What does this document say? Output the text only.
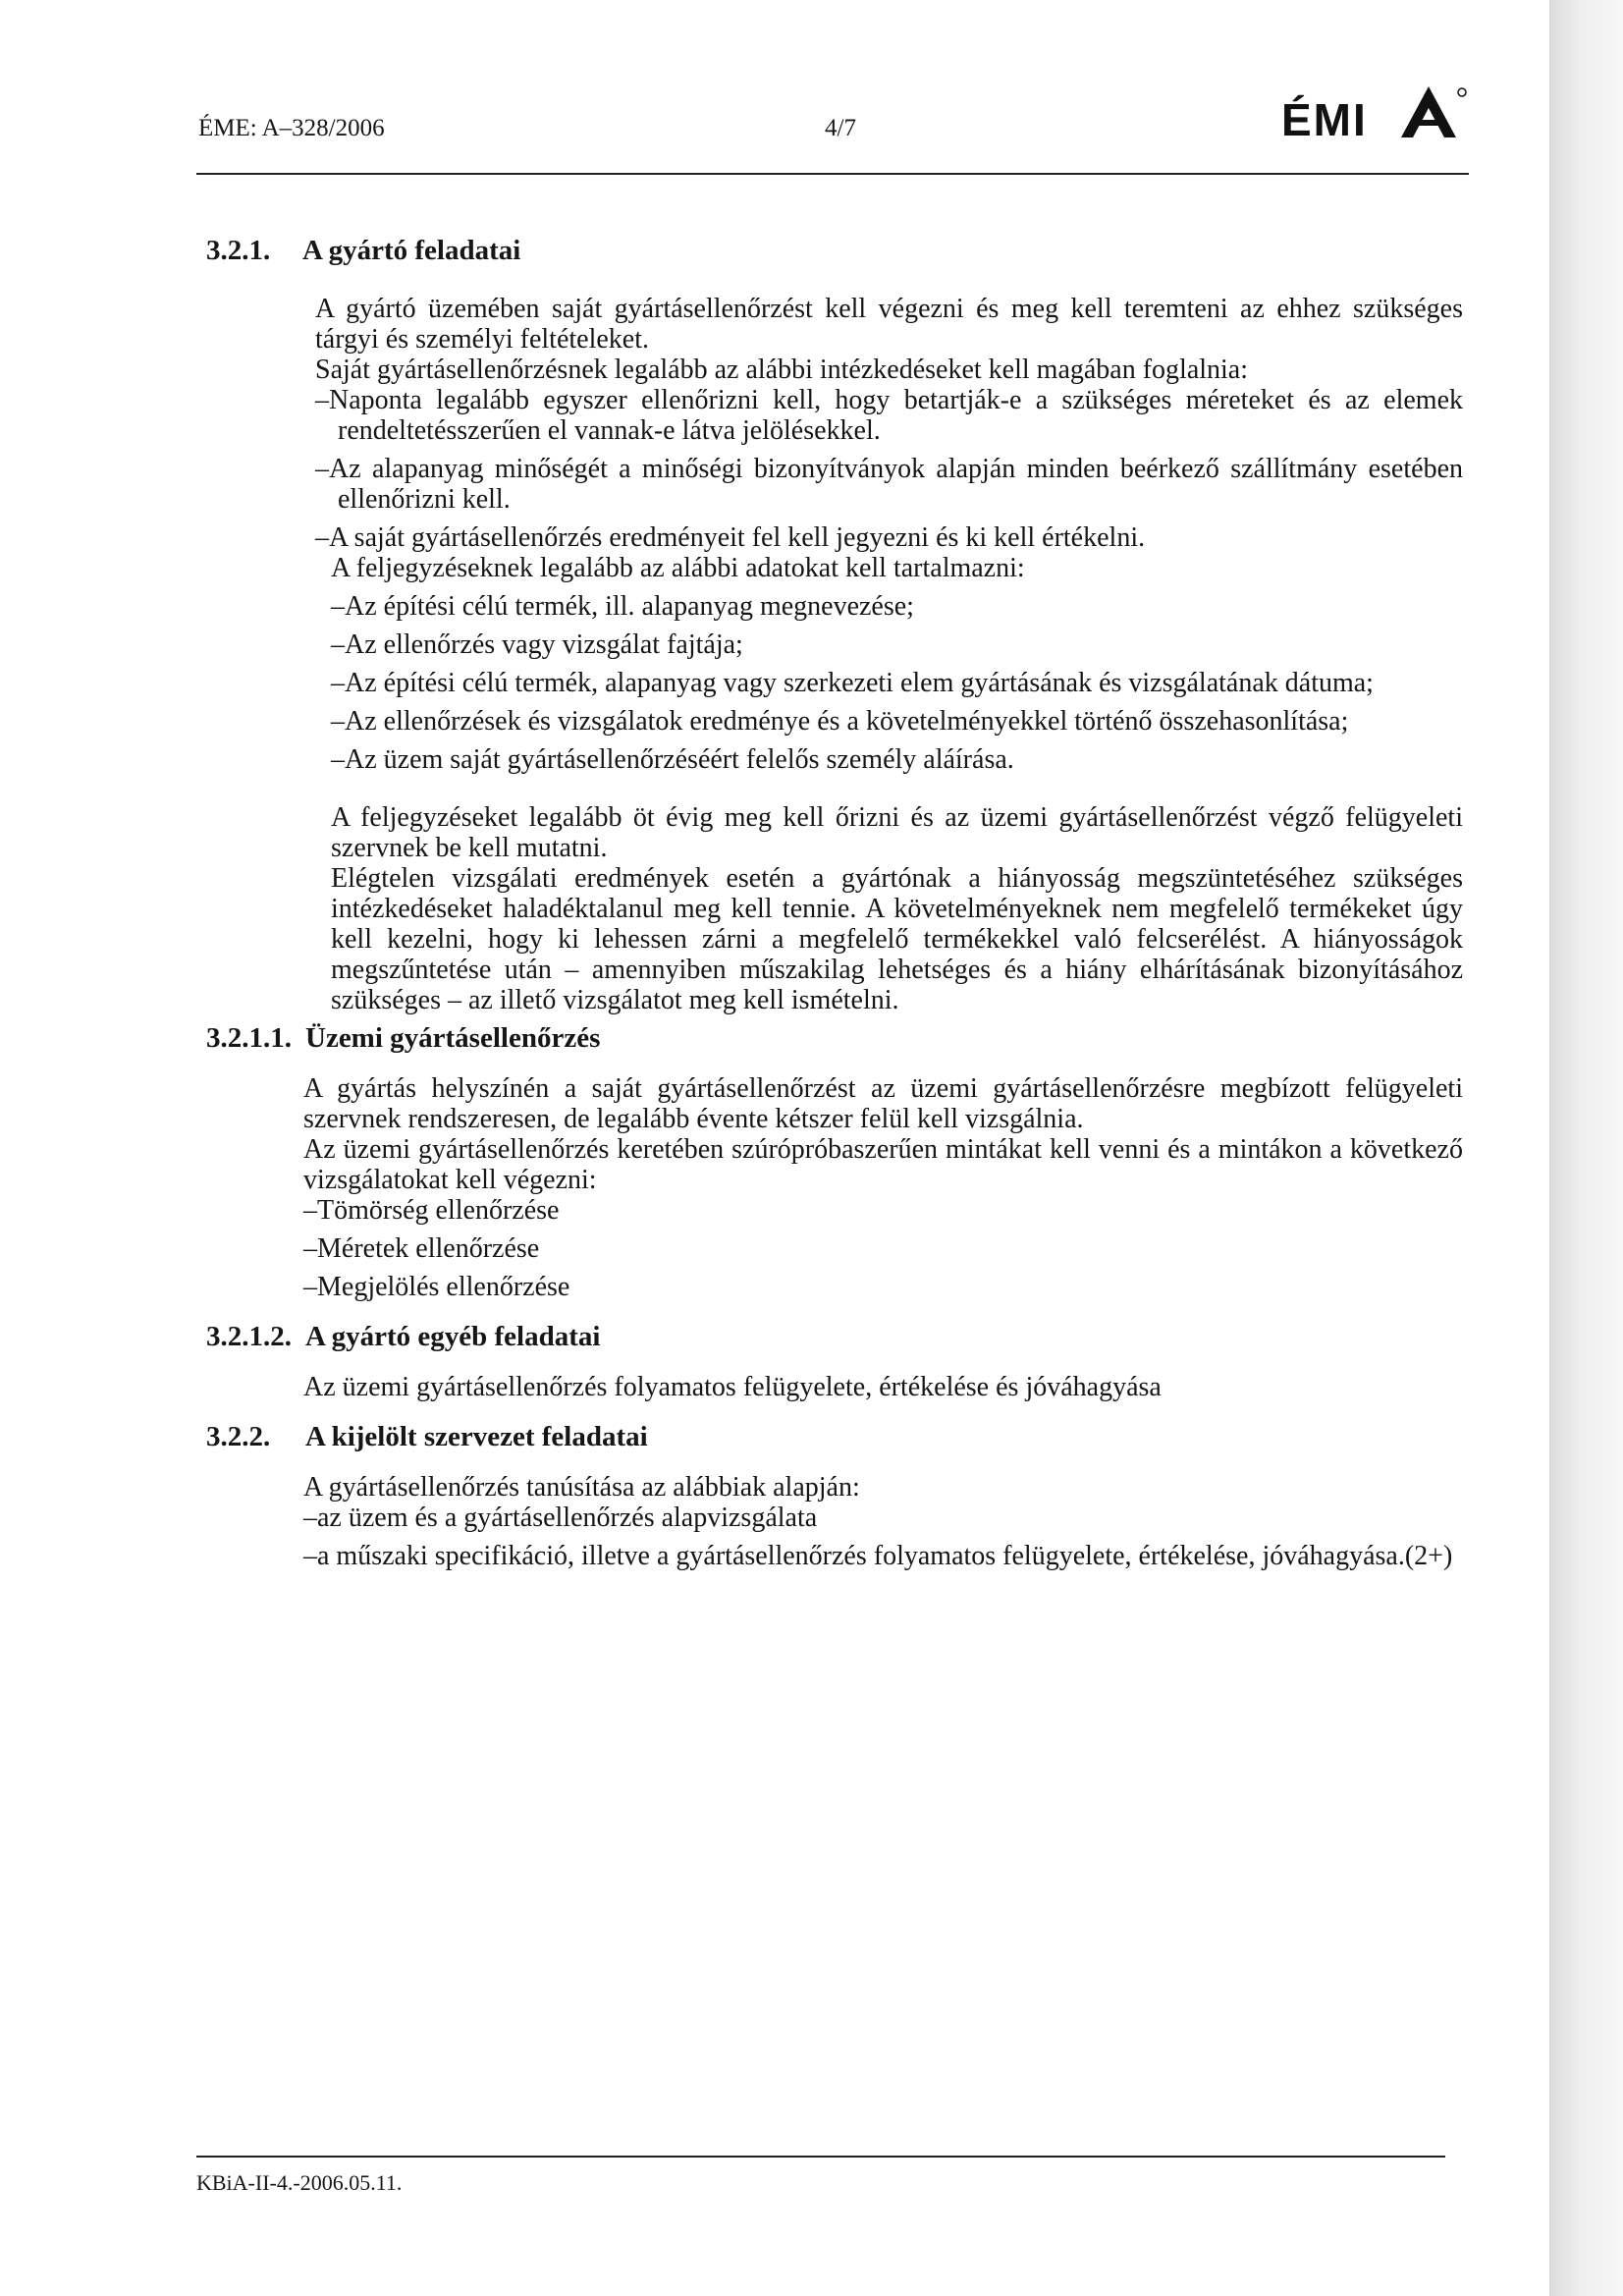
ÉME: A–328/2006	4/7	ÉMI
3.2.1. A gyártó feladatai

A gyártó üzemében saját gyártásellenőrzést kell végezni és meg kell teremteni az ehhez szükséges tárgyi és személyi feltételeket.

Saját gyártásellenőrzésnek legalább az alábbi intézkedéseket kell magában foglalnia:

–Naponta legalább egyszer ellenőrizni kell, hogy betartják-e a szükséges méreteket és az elemek rendeltetésszerűen el vannak-e látva jelölésekkel.

–Az alapanyag minőségét a minőségi bizonyítványok alapján minden beérkező szállítmány esetében ellenőrizni kell.

–A saját gyártásellenőrzés eredményeit fel kell jegyezni és ki kell értékelni.

A feljegyzéseknek legalább az alábbi adatokat kell tartalmazni:

–Az építési célú termék, ill. alapanyag megnevezése;

–Az ellenőrzés vagy vizsgálat fajtája;

–Az építési célú termék, alapanyag vagy szerkezeti elem gyártásának és vizsgálatának dátuma;

–Az ellenőrzések és vizsgálatok eredménye és a követelményekkel történő összehasonlítása;

–Az üzem saját gyártásellenőrzéséért felelős személy aláírása.

A feljegyzéseket legalább öt évig meg kell őrizni és az üzemi gyártásellenőrzést végző felügyeleti szervnek be kell mutatni.

Elégtelen vizsgálati eredmények esetén a gyártónak a hiányosság megszüntetéséhez szükséges intézkedéseket haladéktalanul meg kell tennie. A követelményeknek nem megfelelő termékeket úgy kell kezelni, hogy ki lehessen zárni a megfelelő termékekkel való felcserélést. A hiányosságok megszűntetése után – amennyiben műszakilag lehetséges és a hiány elhárításának bizonyításához szükséges – az illető vizsgálatot meg kell ismételni.

3.2.1.1. Üzemi gyártásellenőrzés

A gyártás helyszínén a saját gyártásellenőrzést az üzemi gyártásellenőrzésre megbízott felügyeleti szervnek rendszeresen, de legalább évente kétszer felül kell vizsgálnia.

Az üzemi gyártásellenőrzés keretében szúrópróbaszerűen mintákat kell venni és a mintákon a következő vizsgálatokat kell végezni:

–Tömörség ellenőrzése

–Méretek ellenőrzése

–Megjelölés ellenőrzése

3.2.1.2. A gyártó egyéb feladatai

Az üzemi gyártásellenőrzés folyamatos felügyelete, értékelése és jóváhagyása

3.2.2. A kijelölt szervezet feladatai

A gyártásellenőrzés tanúsítása az alábbiak alapján:

–az üzem és a gyártásellenőrzés alapvizsgálata

–a műszaki specifikáció, illetve a gyártásellenőrzés folyamatos felügyelete, értékelése, jóváhagyása.(2+)

KBiA-II-4.-2006.05.11.
